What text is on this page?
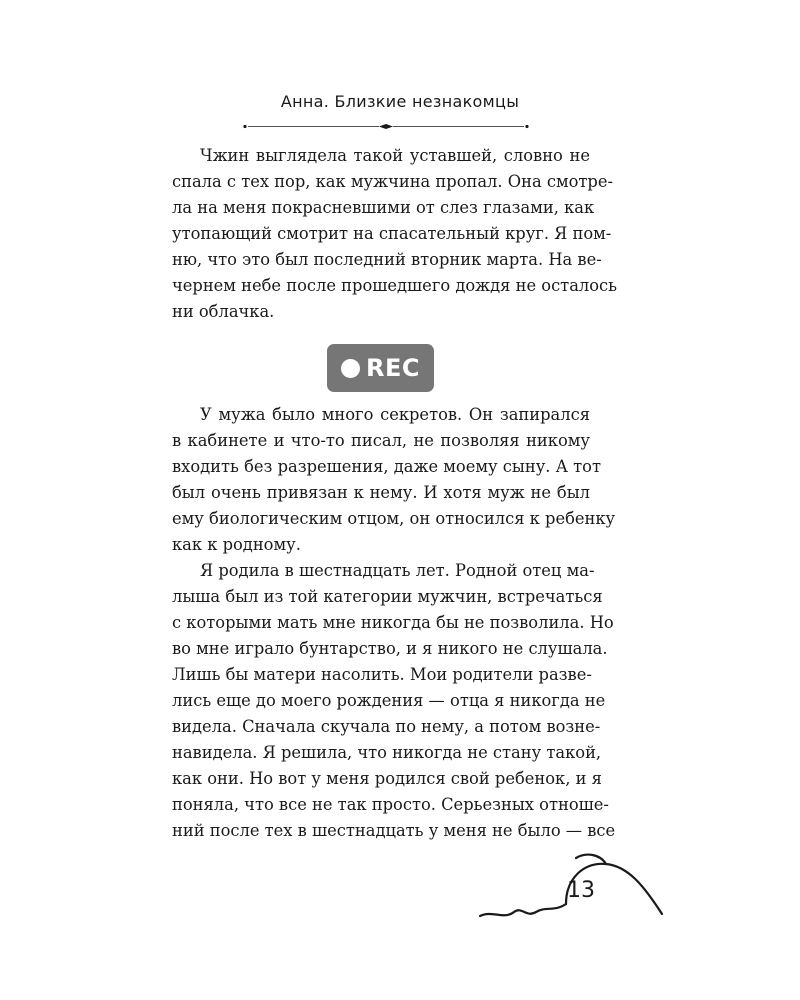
Анна. Близкие незнакомцы
Чжин выглядела такой уставшей, словно не
спала с тех пор, как мужчина пропал. Она смотре-
ла на меня покрасневшими от слез глазами, как
утопающий смотрит на спасательный круг. Я пом-
ню, что это был последний вторник марта. На ве-
чернем небе после прошедшего дождя не осталось
ни облачка.
REC
У мужа было много секретов. Он запирался
в кабинете и что-то писал, не позволяя никому
входить без разрешения, даже моему сыну. А тот
был очень привязан к нему. И хотя муж не был
ему биологическим отцом, он относился к ребенку
как к родному.
Я родила в шестнадцать лет. Родной отец ма-
лыша был из той категории мужчин, встречаться
с которыми мать мне никогда бы не позволила. Но
во мне играло бунтарство, и я никого не слушала.
Лишь бы матери насолить. Мои родители разве-
лись еще до моего рождения — отца я никогда не
видела. Сначала скучала по нему, а потом возне-
навидела. Я решила, что никогда не стану такой,
как они. Но вот у меня родился свой ребенок, и я
поняла, что все не так просто. Серьезных отноше-
ний после тех в шестнадцать у меня не было — все
13
